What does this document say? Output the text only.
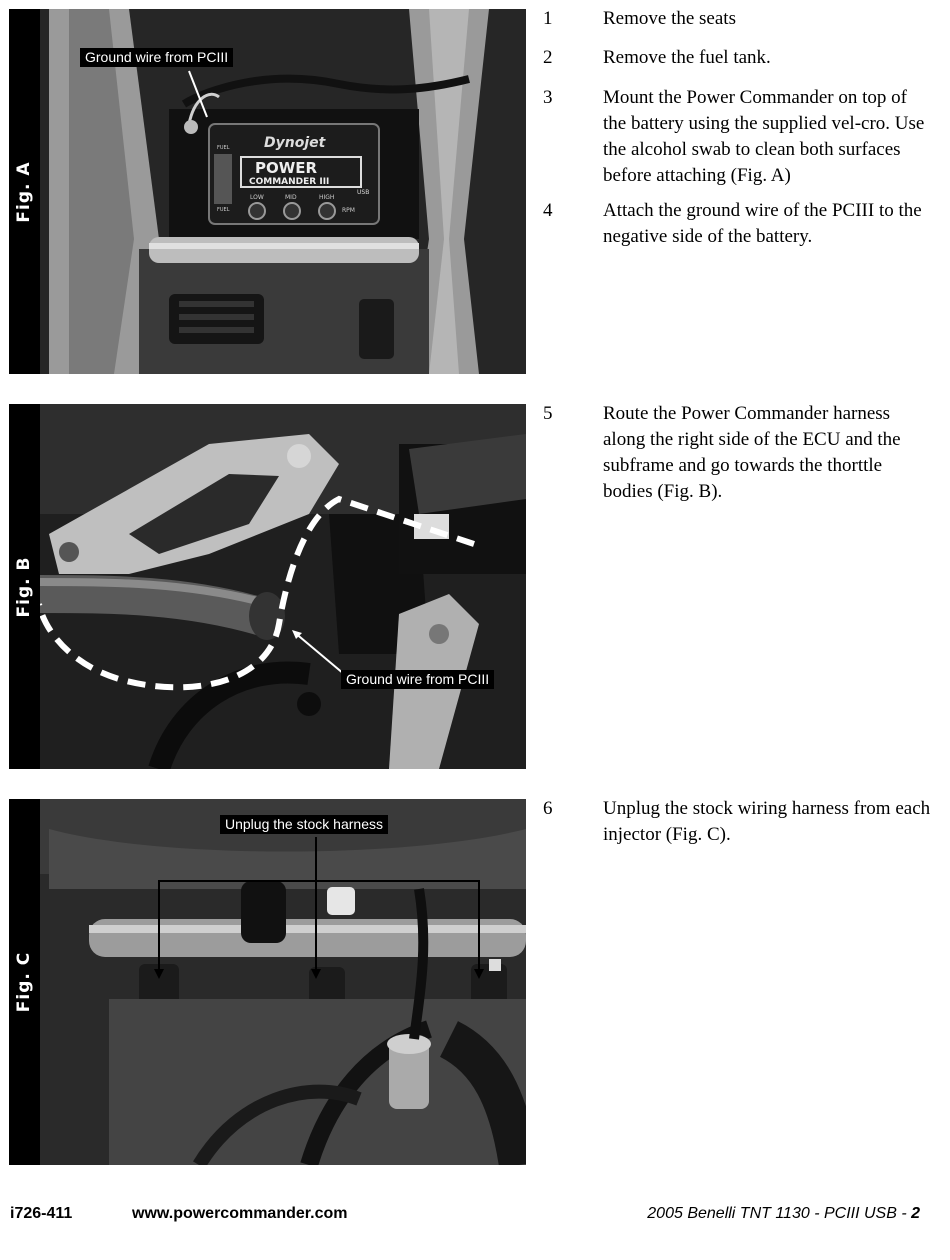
Dynojet
POWER
COMMANDER III
USB
FUEL
FUEL
LOW	MID	HIGH
RPM
Fig. A
Ground wire from PCIII
Fig. B
Ground wire from PCIII
Fig. C
Unplug the stock harness
1	Remove the seats
2	Remove the fuel tank.
3	Mount the Power Commander on top of the battery using the supplied vel-cro. Use the alcohol swab to clean both surfaces before attaching (Fig. A)
4	Attach the ground wire of the PCIII to the negative side of the battery.
5	Route the Power Commander harness along the right side of the ECU and the subframe and go towards the thorttle bodies (Fig. B).
6	Unplug the stock wiring harness from each injector (Fig. C).
i726-411	www.powercommander.com	2005 Benelli TNT 1130 - PCIII USB - 2
